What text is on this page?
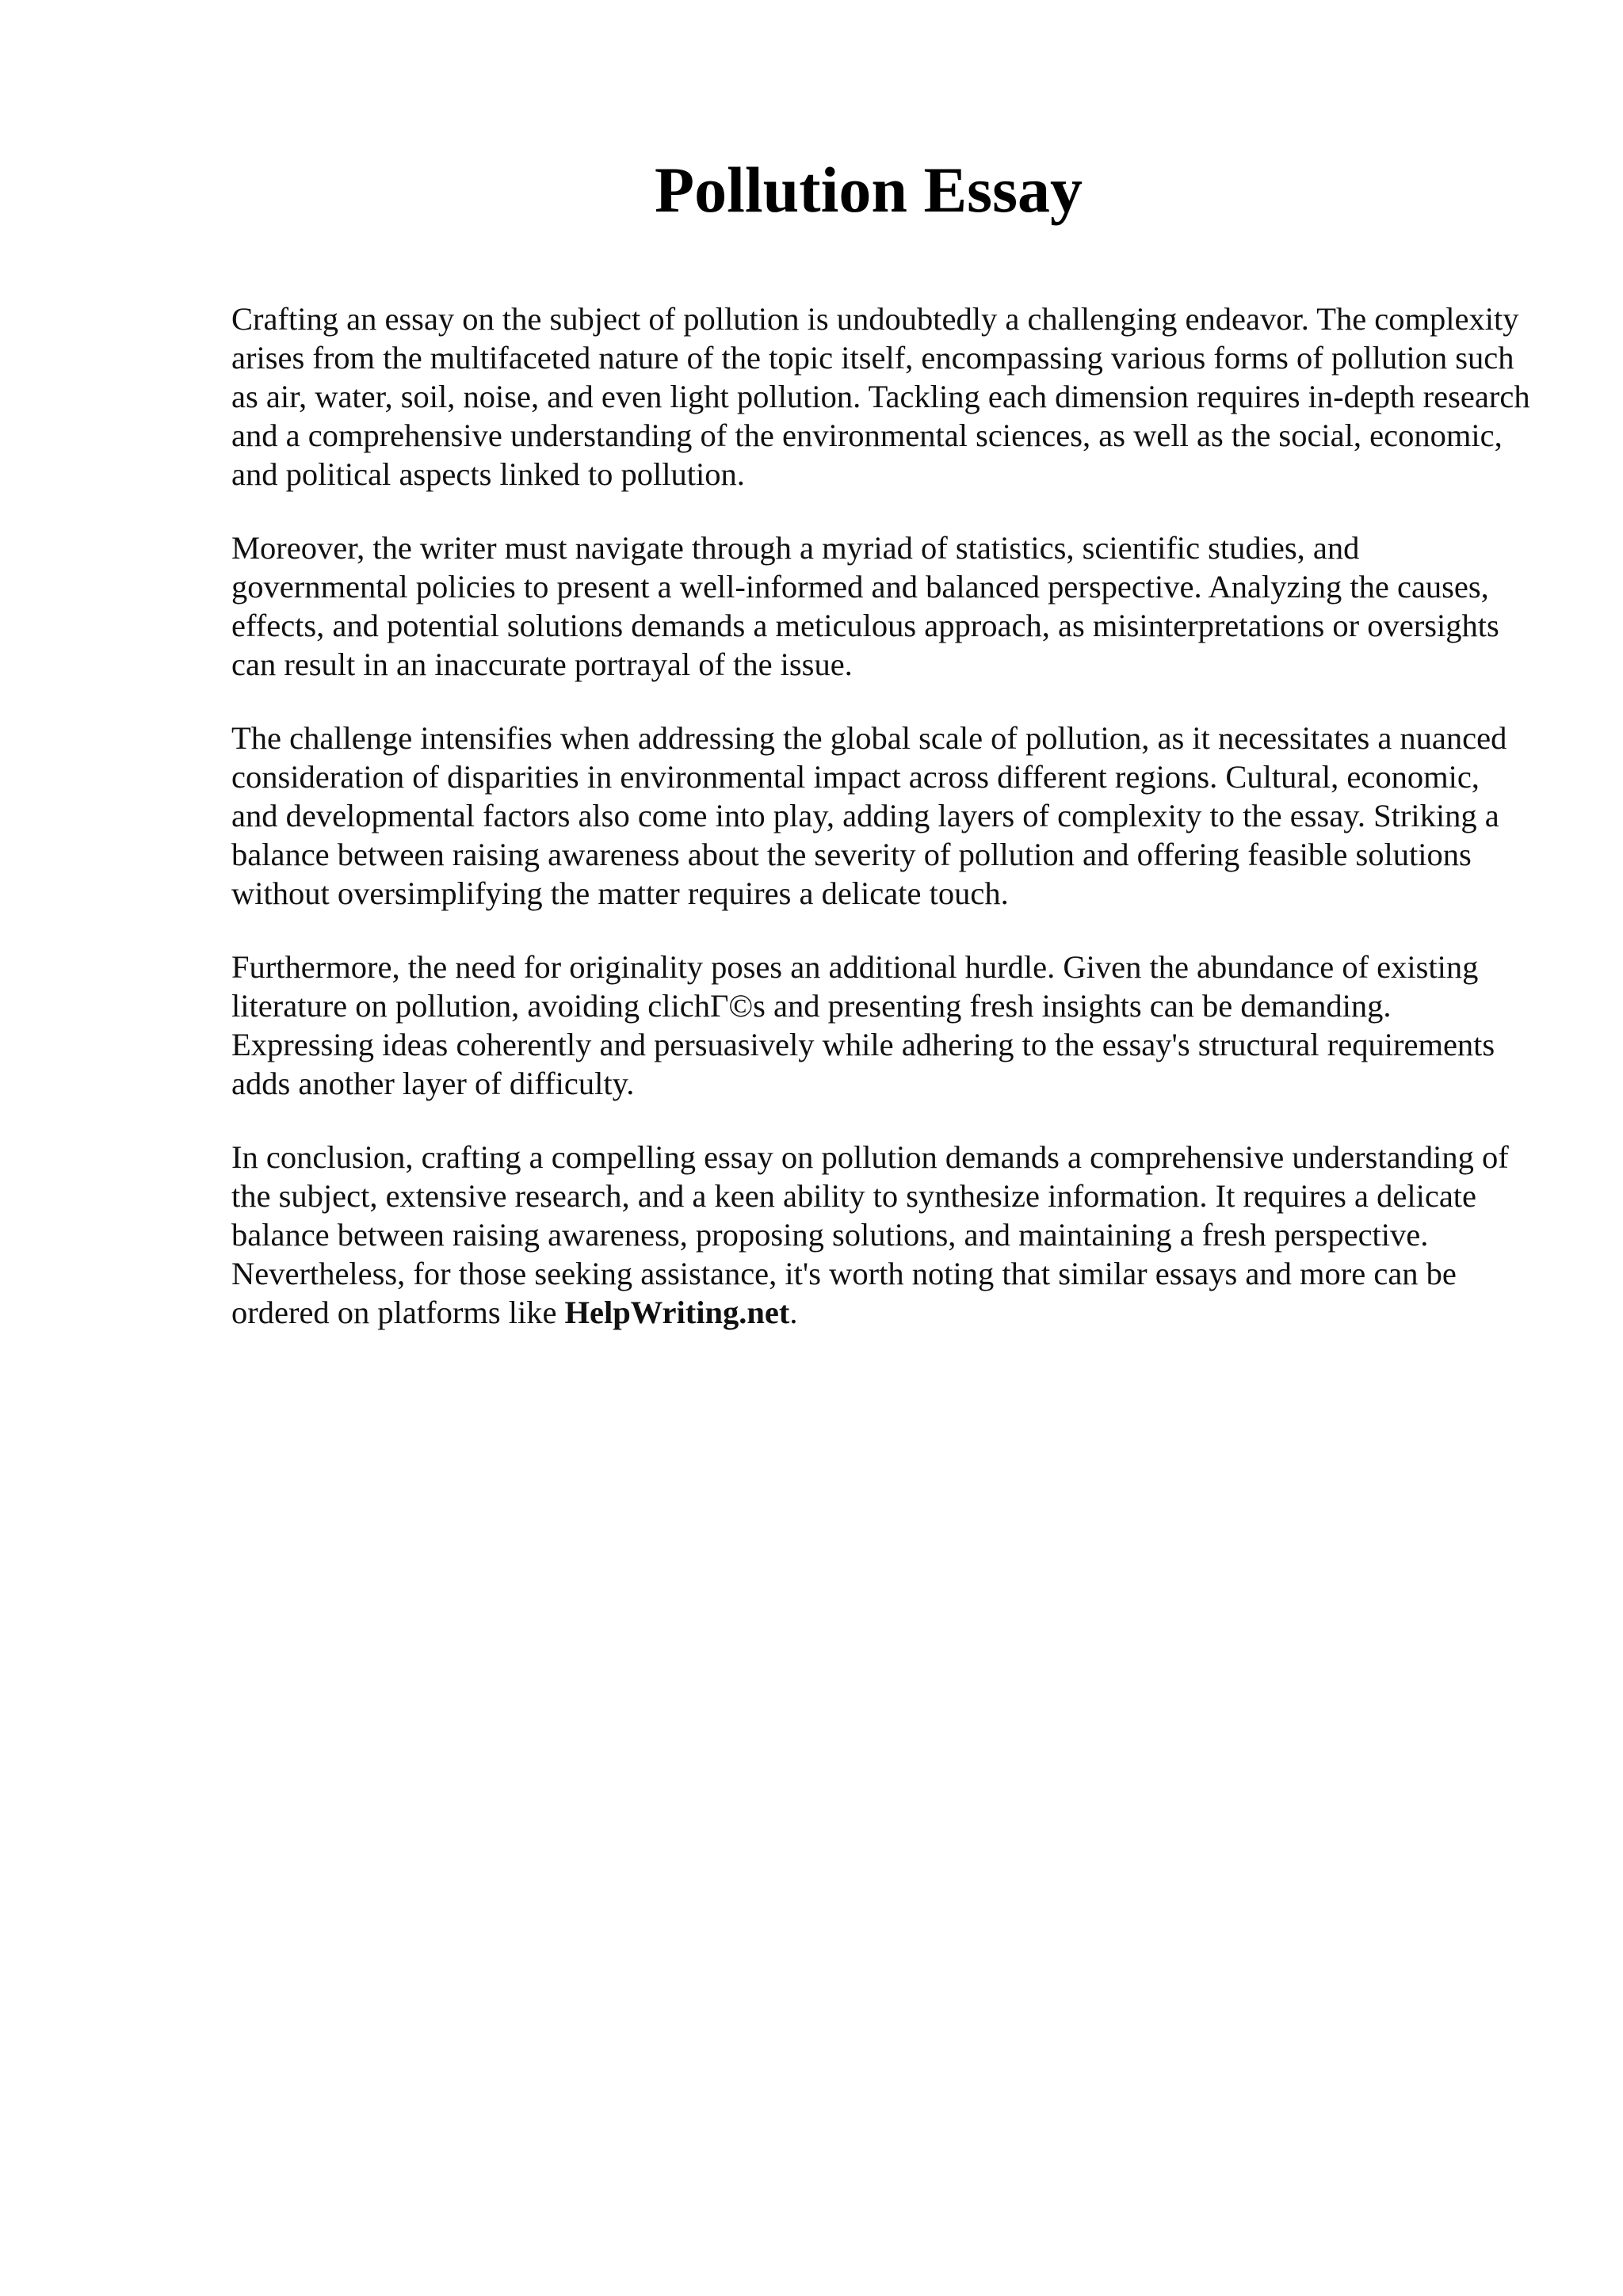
Pollution Essay

Crafting an essay on the subject of pollution is undoubtedly a challenging endeavor. The complexity arises from the multifaceted nature of the topic itself, encompassing various forms of pollution such as air, water, soil, noise, and even light pollution. Tackling each dimension requires in-depth research and a comprehensive understanding of the environmental sciences, as well as the social, economic, and political aspects linked to pollution.

Moreover, the writer must navigate through a myriad of statistics, scientific studies, and governmental policies to present a well-informed and balanced perspective. Analyzing the causes, effects, and potential solutions demands a meticulous approach, as misinterpretations or oversights can result in an inaccurate portrayal of the issue.

The challenge intensifies when addressing the global scale of pollution, as it necessitates a nuanced consideration of disparities in environmental impact across different regions. Cultural, economic, and developmental factors also come into play, adding layers of complexity to the essay. Striking a balance between raising awareness about the severity of pollution and offering feasible solutions without oversimplifying the matter requires a delicate touch.

Furthermore, the need for originality poses an additional hurdle. Given the abundance of existing literature on pollution, avoiding clichΓ©s and presenting fresh insights can be demanding. Expressing ideas coherently and persuasively while adhering to the essay's structural requirements adds another layer of difficulty.

In conclusion, crafting a compelling essay on pollution demands a comprehensive understanding of the subject, extensive research, and a keen ability to synthesize information. It requires a delicate balance between raising awareness, proposing solutions, and maintaining a fresh perspective. Nevertheless, for those seeking assistance, it's worth noting that similar essays and more can be ordered on platforms like HelpWriting.net.
